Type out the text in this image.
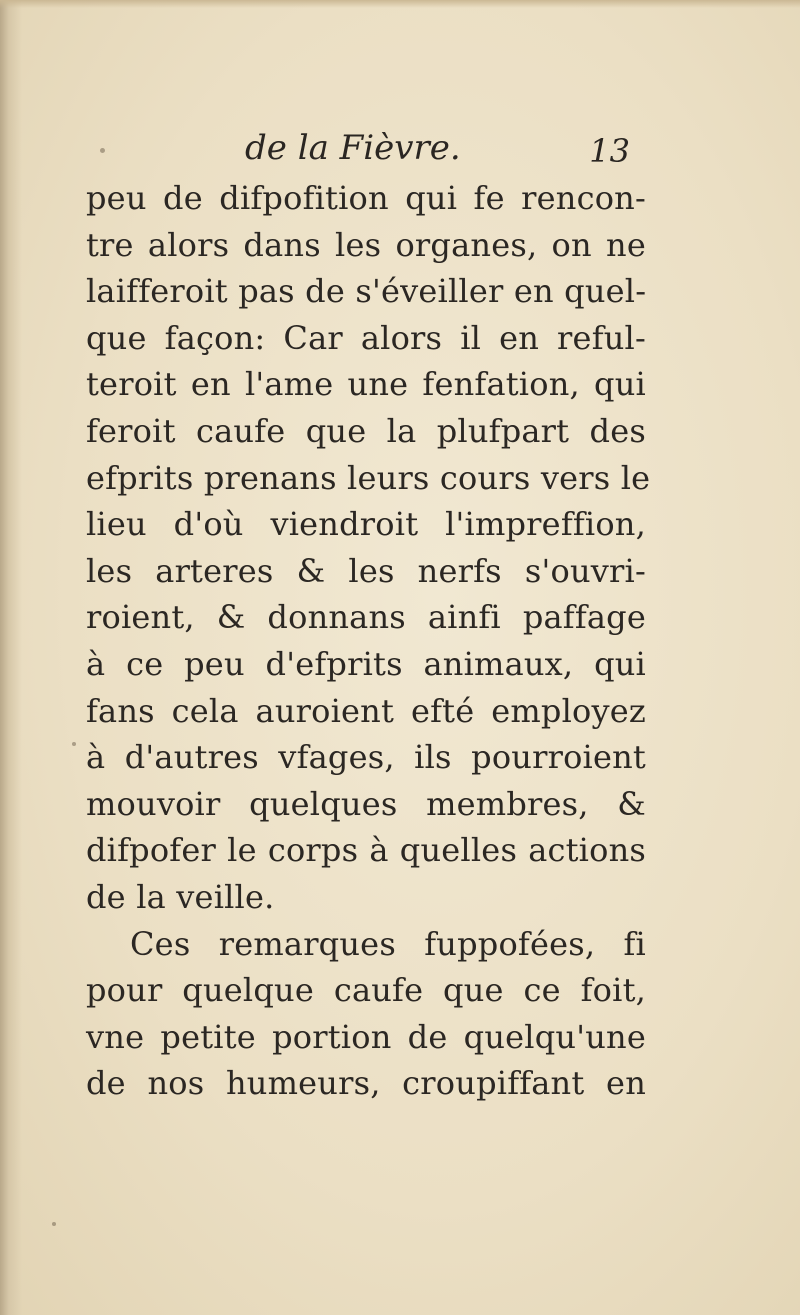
de la Fièvre.	13
peu de difpofition qui fe rencon-
tre alors dans les organes, on ne
laifferoit pas de s'éveiller en quel-
que façon: Car alors il en reful-
teroit en l'ame une fenfation, qui
feroit caufe que la plufpart des
efprits prenans leurs cours vers le
lieu d'où viendroit l'impreffion,
les arteres & les nerfs s'ouvri-
roient, & donnans ainfi paffage
à ce peu d'efprits animaux, qui
fans cela auroient efté employez
à d'autres vfages, ils pourroient
mouvoir quelques membres, &
difpofer le corps à quelles actions
de la veille.
Ces remarques fuppofées, fi
pour quelque caufe que ce foit,
vne petite portion de quelqu'une
de nos humeurs, croupiffant en
